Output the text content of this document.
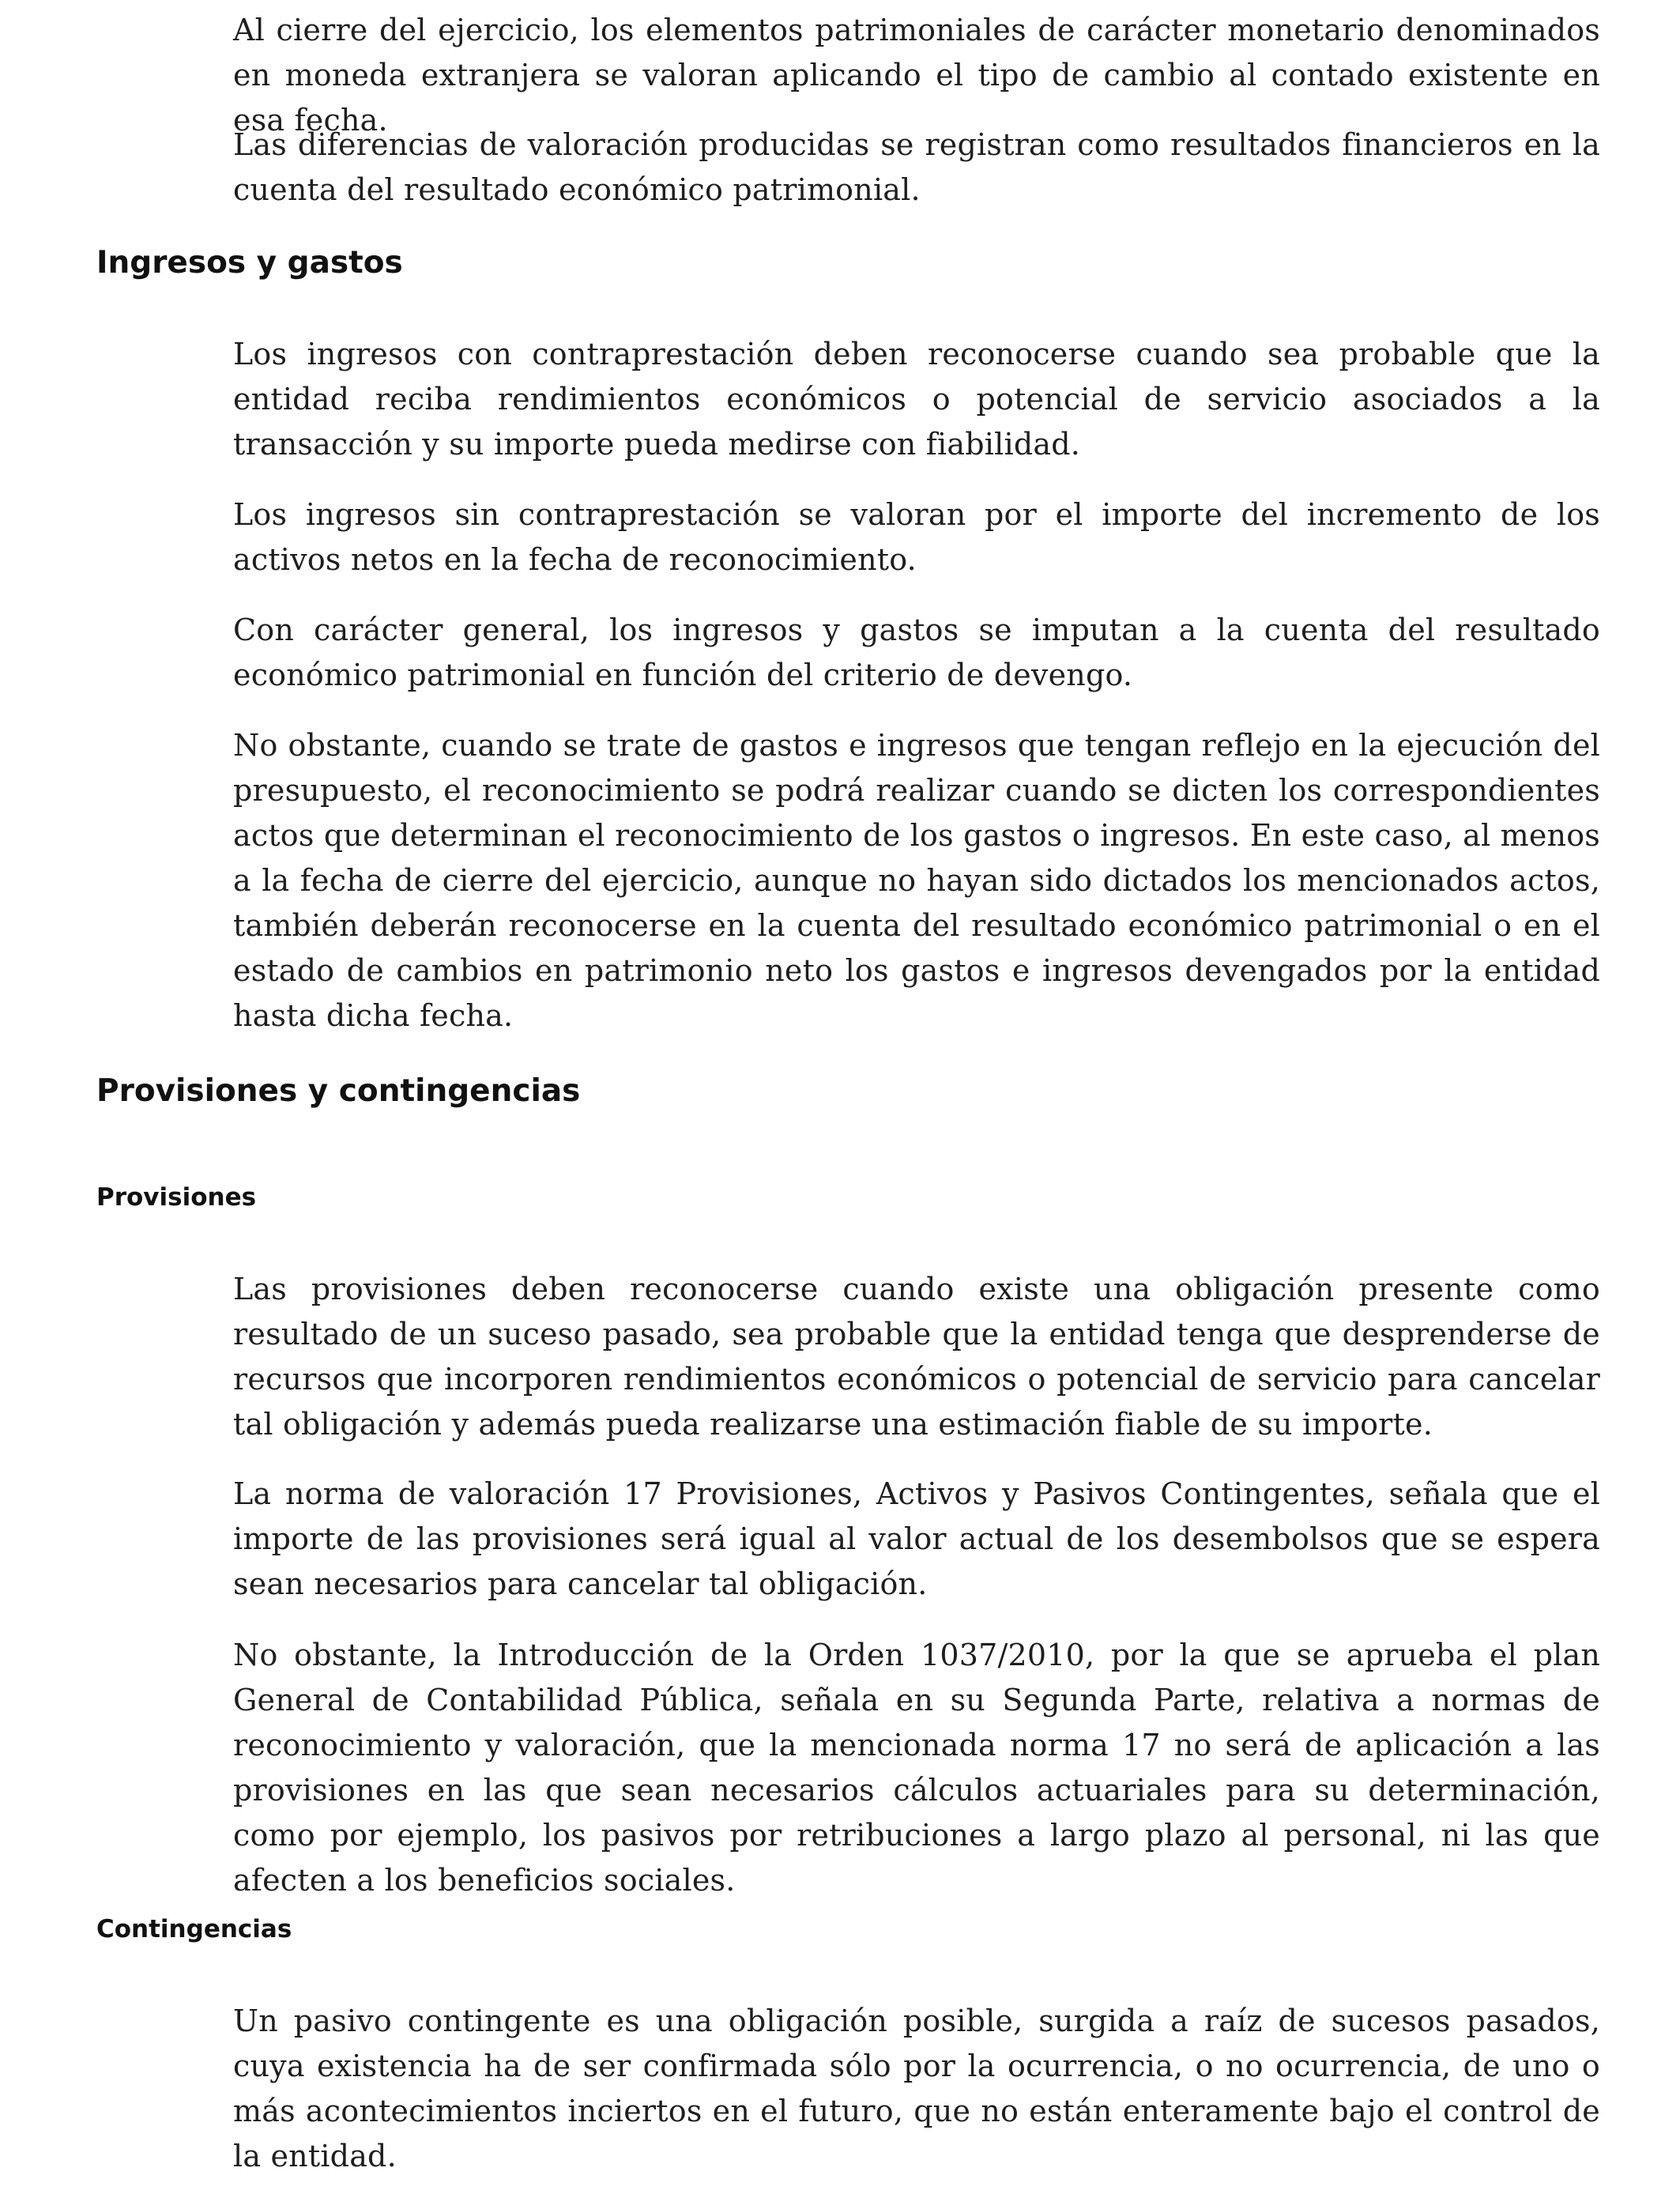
Al cierre del ejercicio, los elementos patrimoniales de carácter monetario denominados en moneda extranjera se valoran aplicando el tipo de cambio al contado existente en esa fecha.

Las diferencias de valoración producidas se registran como resultados financieros en la cuenta del resultado económico patrimonial.

Ingresos y gastos

Los ingresos con contraprestación deben reconocerse cuando sea probable que la entidad reciba rendimientos económicos o potencial de servicio asociados a la transacción y su importe pueda medirse con fiabilidad.

Los ingresos sin contraprestación se valoran por el importe del incremento de los activos netos en la fecha de reconocimiento.

Con carácter general, los ingresos y gastos se imputan a la cuenta del resultado económico patrimonial en función del criterio de devengo.

No obstante, cuando se trate de gastos e ingresos que tengan reflejo en la ejecución del presupuesto, el reconocimiento se podrá realizar cuando se dicten los correspondientes actos que determinan el reconocimiento de los gastos o ingresos. En este caso, al menos a la fecha de cierre del ejercicio, aunque no hayan sido dictados los mencionados actos, también deberán reconocerse en la cuenta del resultado económico patrimonial o en el estado de cambios en patrimonio neto los gastos e ingresos devengados por la entidad hasta dicha fecha.

Provisiones y contingencias
Provisiones

Las provisiones deben reconocerse cuando existe una obligación presente como resultado de un suceso pasado, sea probable que la entidad tenga que desprenderse de recursos que incorporen rendimientos económicos o potencial de servicio para cancelar tal obligación y además pueda realizarse una estimación fiable de su importe.

La norma de valoración 17 Provisiones, Activos y Pasivos Contingentes, señala que el importe de las provisiones será igual al valor actual de los desembolsos que se espera sean necesarios para cancelar tal obligación.

No obstante, la Introducción de la Orden 1037/2010, por la que se aprueba el plan General de Contabilidad Pública, señala en su Segunda Parte, relativa a normas de reconocimiento y valoración, que la mencionada norma 17 no será de aplicación a las provisiones en las que sean necesarios cálculos actuariales para su determinación, como por ejemplo, los pasivos por retribuciones a largo plazo al personal, ni las que afecten a los beneficios sociales.

Contingencias

Un pasivo contingente es una obligación posible, surgida a raíz de sucesos pasados, cuya existencia ha de ser confirmada sólo por la ocurrencia, o no ocurrencia, de uno o más acontecimientos inciertos en el futuro, que no están enteramente bajo el control de la entidad.
